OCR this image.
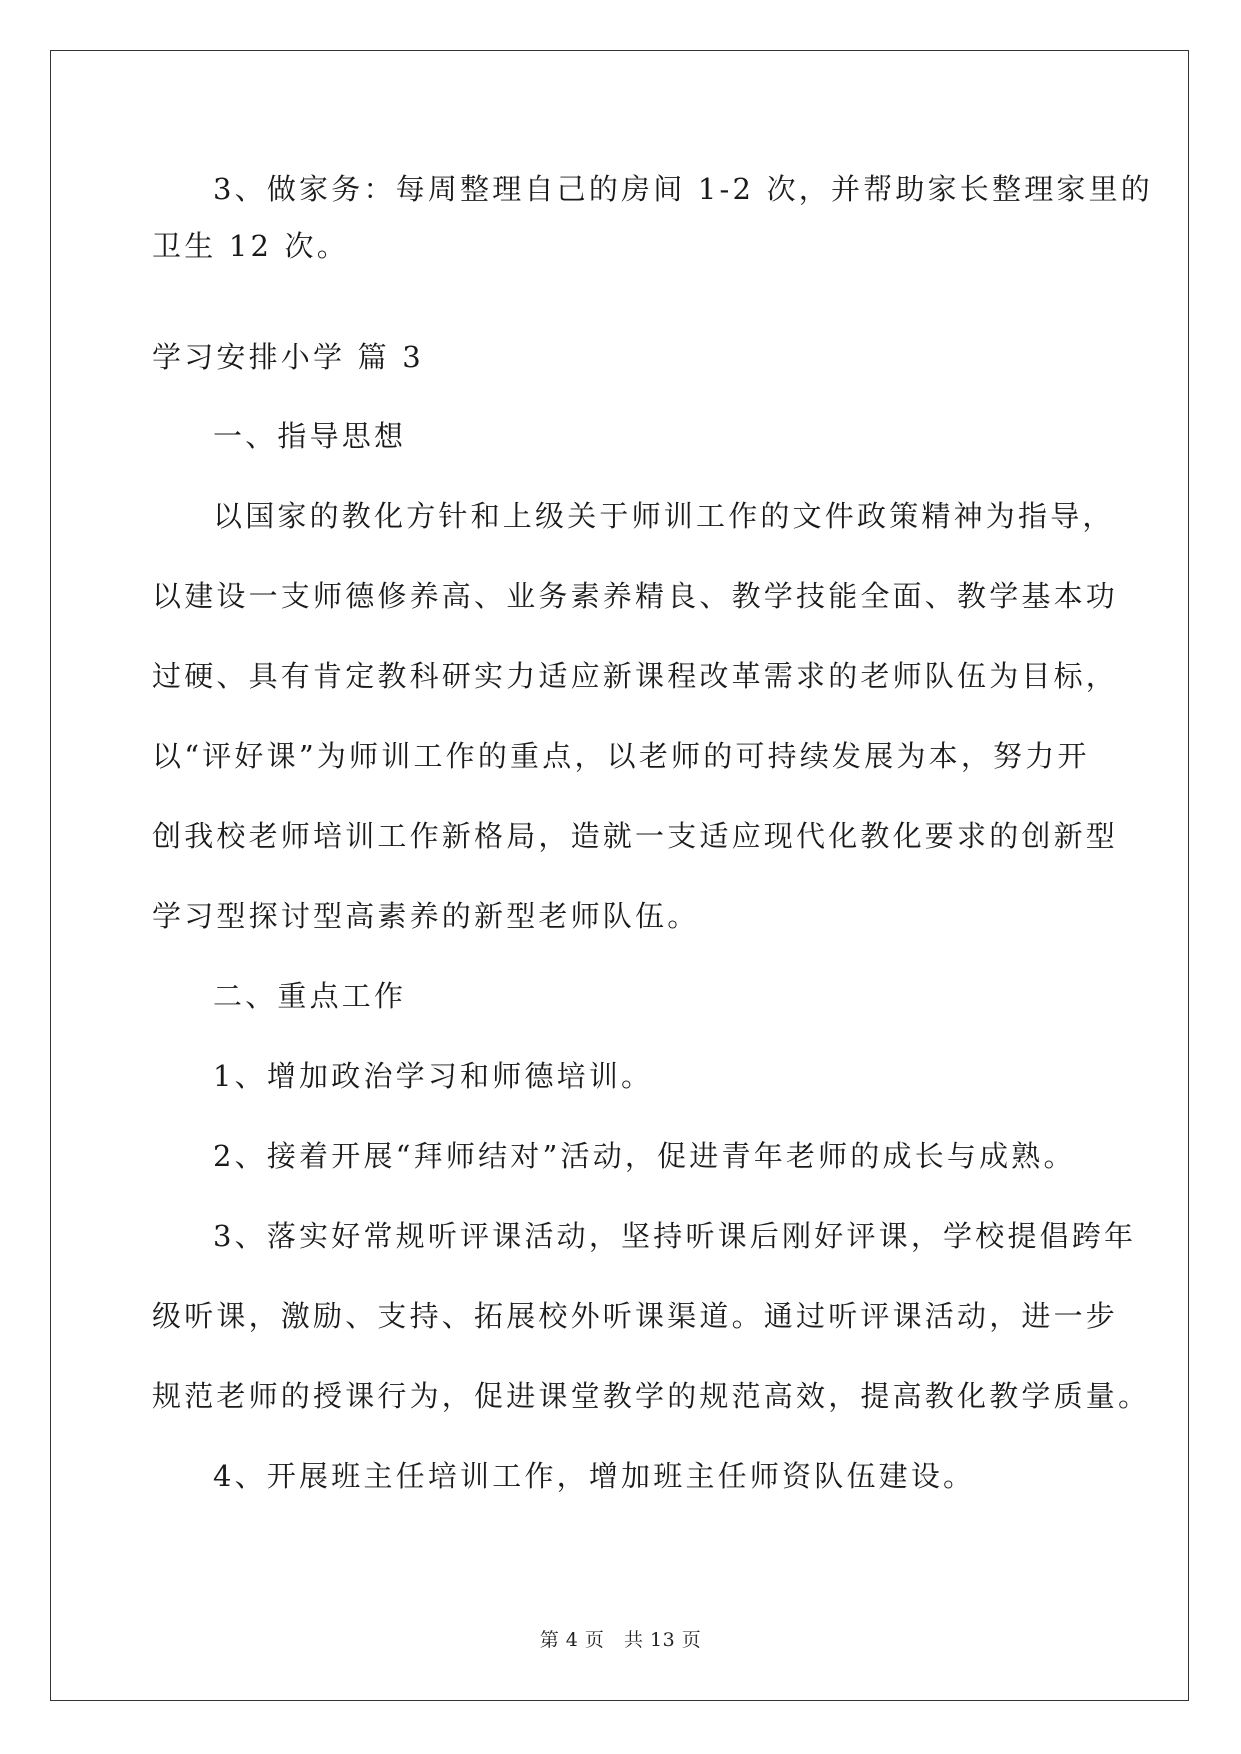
3、做家务：每周整理自己的房间 1-2 次，并帮助家长整理家里的
卫生 12 次。
学习安排小学 篇 3
一、指导思想
以国家的教化方针和上级关于师训工作的文件政策精神为指导，
以建设一支师德修养高、业务素养精良、教学技能全面、教学基本功
过硬、具有肯定教科研实力适应新课程改革需求的老师队伍为目标，
以“评好课”为师训工作的重点，以老师的可持续发展为本，努力开
创我校老师培训工作新格局，造就一支适应现代化教化要求的创新型
学习型探讨型高素养的新型老师队伍。
二、重点工作
1、增加政治学习和师德培训。
2、接着开展“拜师结对”活动，促进青年老师的成长与成熟。
3、落实好常规听评课活动，坚持听课后刚好评课，学校提倡跨年
级听课，激励、支持、拓展校外听课渠道。通过听评课活动，进一步
规范老师的授课行为，促进课堂教学的规范高效，提高教化教学质量。
4、开展班主任培训工作，增加班主任师资队伍建设。
第 4 页   共 13 页
